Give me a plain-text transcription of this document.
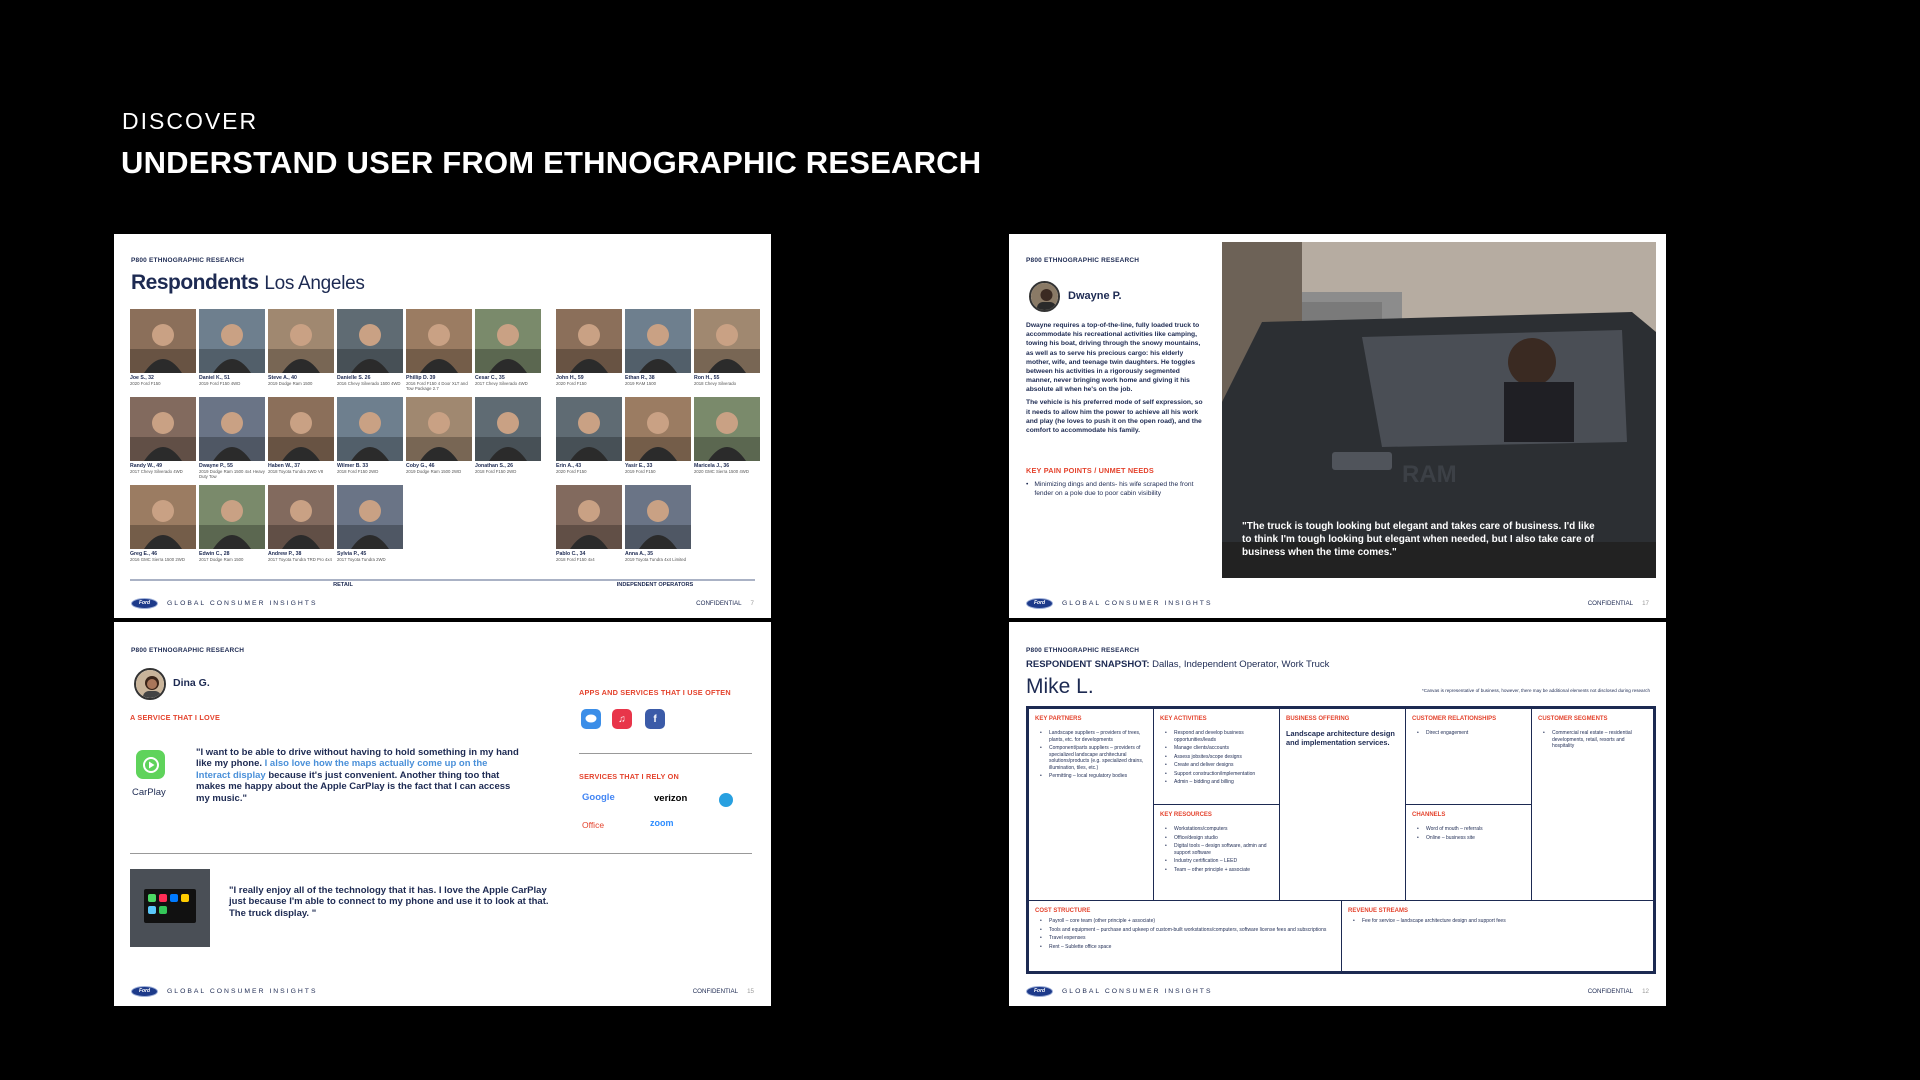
DISCOVER
UNDERSTAND USER FROM ETHNOGRAPHIC RESEARCH
P800 ETHNOGRAPHIC RESEARCH
Respondents Los Angeles
Joe S., 32
2020 Ford F150
Daniel K., 51
2019 Ford F150 4WD
Steve A., 40
2019 Dodge Ram 1500
Danielle S. 26
2016 Chevy Silverado 1500 4WD
Phillip D. 39
2016 Ford F150 4 Door XLT and Tow Package 2.7
Cesar C., 35
2017 Chevy Silverado 4WD
Randy W., 49
2017 Chevy Silverado 4WD
Dwayne P., 55
2019 Dodge Ram 1500 4x4 Heavy Duty Tow
Haben W., 37
2018 Toyota Tundra 2WD V8
Wilmer B. 33
2018 Ford F150 2WD
Coby G., 46
2019 Dodge Ram 1500 2WD
Jonathan S., 26
2018 Ford F150 2WD
Greg E., 46
2016 GMC Sierra 1500 2WD
Edwin C., 28
2017 Dodge Ram 1500
Andrew P., 38
2017 Toyota Tundra TRD Pro 4x4
Sylvia P., 45
2017 Toyota Tundra 2WD
John H., 59
2020 Ford F150
Ethan R., 38
2019 RAM 1500
Ron H., 55
2018 Chevy Silverado
Erin A., 43
2020 Ford F150
Yasir E., 33
2019 Ford F150
Maricela J., 36
2020 GMC Sierra 1500 4WD
Pablo C., 34
2018 Ford F150 4x4
Anna A., 35
2019 Toyota Tundra 4x4 Limited
RETAIL	INDEPENDENT OPERATORS
Ford GLOBAL CONSUMER INSIGHTS	CONFIDENTIAL 7
P800 ETHNOGRAPHIC RESEARCH
Dwayne P.

Dwayne requires a top-of-the-line, fully loaded truck to accommodate his recreational activities like camping, towing his boat, driving through the snowy mountains, as well as to serve his precious cargo: his elderly mother, wife, and teenage twin daughters. He toggles between his activities in a rigorously segmented manner, never bringing work home and giving it his absolute all when he's on the job.

The vehicle is his preferred mode of self expression, so it needs to allow him the power to achieve all his work and play (he loves to push it on the open road), and the comfort to accommodate his family.

KEY PAIN POINTS / UNMET NEEDS
• Minimizing dings and dents- his wife scraped the front fender on a pole due to poor cabin visibility
RAM
"The truck is tough looking but elegant and takes care of business. I'd like to think I'm tough looking but elegant when needed, but I also take care of business when the time comes."
Ford GLOBAL CONSUMER INSIGHTS	CONFIDENTIAL 17
P800 ETHNOGRAPHIC RESEARCH
Dina G.
A SERVICE THAT I LOVE
CarPlay
"I want to be able to drive without having to hold something in my hand like my phone. I also love how the maps actually come up on the Interact display because it's just convenient. Another thing too that makes me happy about the Apple CarPlay is the fact that I can access my music."
APPS AND SERVICES THAT I USE OFTEN
♫	f
SERVICES THAT I RELY ON
Google	verizon
Office	zoom
"I really enjoy all of the technology that it has. I love the Apple CarPlay just because I'm able to connect to my phone and use it to look at that. The truck display. "
Ford GLOBAL CONSUMER INSIGHTS	CONFIDENTIAL 15
P800 ETHNOGRAPHIC RESEARCH
RESPONDENT SNAPSHOT: Dallas, Independent Operator, Work Truck
Mike L.	*Canvas is representative of business, however, there may be additional elements not disclosed during research
KEY PARTNERS
• Landscape suppliers – providers of trees, plants, etc. for developments
• Component/parts suppliers – providers of specialized landscape architectural solutions/products (e.g. specialized drains, illumination, tiles, etc.)
• Permitting – local regulatory bodies
KEY ACTIVITIES
• Respond and develop business opportunities/leads
• Manage clients/accounts
• Assess jobsites/scope designs
• Create and deliver designs
• Support construction/implementation
• Admin – bidding and billing
KEY RESOURCES
• Workstations/computers
• Office/design studio
• Digital tools – design software, admin and support software
• Industry certification – LEED
• Team – other principle + associate
BUSINESS OFFERING
Landscape architecture design and implementation services.
CUSTOMER RELATIONSHIPS
• Direct engagement
CHANNELS
• Word of mouth – referrals
• Online – business site
CUSTOMER SEGMENTS
• Commercial real estate – residential developments, retail, resorts and hospitality
COST STRUCTURE
• Payroll – core team (other principle + associate)
• Tools and equipment – purchase and upkeep of custom-built workstations/computers, software license fees and subscriptions
• Travel expenses
• Rent – Sublette office space
REVENUE STREAMS
• Fee for service – landscape architecture design and support fees
Ford GLOBAL CONSUMER INSIGHTS	CONFIDENTIAL 12
